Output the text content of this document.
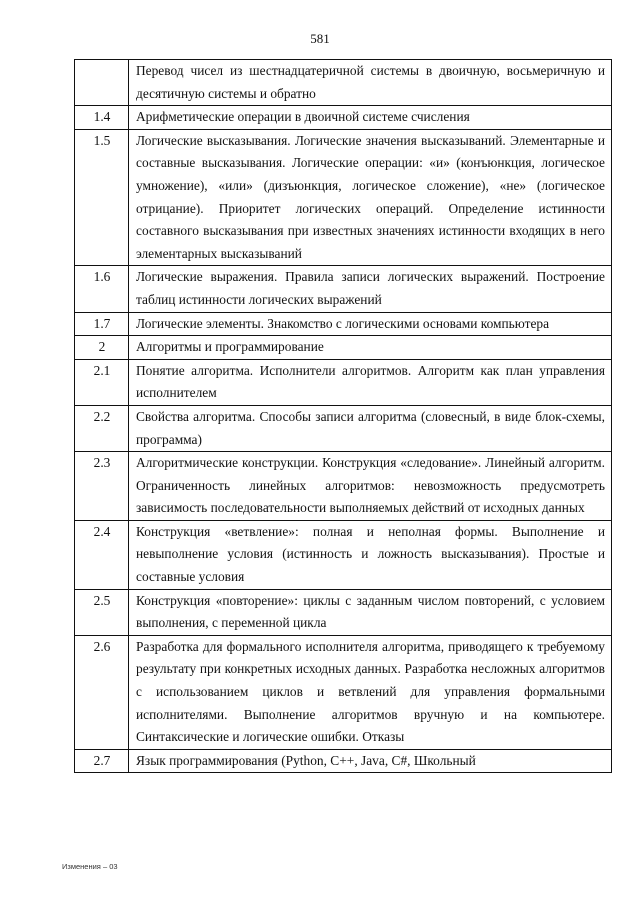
581
	Перевод чисел из шестнадцатеричной системы в двоичную, восьмеричную и десятичную системы и обратно
1.4	Арифметические операции в двоичной системе счисления
1.5	Логические высказывания. Логические значения высказываний. Элементарные и составные высказывания. Логические операции: «и» (конъюнкция, логическое умножение), «или» (дизъюнкция, логическое сложение), «не» (логическое отрицание). Приоритет логических операций. Определение истинности составного высказывания при известных значениях истинности входящих в него элементарных высказываний
1.6	Логические выражения. Правила записи логических выражений. Построение таблиц истинности логических выражений
1.7	Логические элементы. Знакомство с логическими основами компьютера
2	Алгоритмы и программирование
2.1	Понятие алгоритма. Исполнители алгоритмов. Алгоритм как план управления исполнителем
2.2	Свойства алгоритма. Способы записи алгоритма (словесный, в виде блок-схемы, программа)
2.3	Алгоритмические конструкции. Конструкция «следование». Линейный алгоритм. Ограниченность линейных алгоритмов: невозможность предусмотреть зависимость последовательности выполняемых действий от исходных данных
2.4	Конструкция «ветвление»: полная и неполная формы. Выполнение и невыполнение условия (истинность и ложность высказывания). Простые и составные условия
2.5	Конструкция «повторение»: циклы с заданным числом повторений, с условием выполнения, с переменной цикла
2.6	Разработка для формального исполнителя алгоритма, приводящего к требуемому результату при конкретных исходных данных. Разработка несложных алгоритмов с использованием циклов и ветвлений для управления формальными исполнителями. Выполнение алгоритмов вручную и на компьютере. Синтаксические и логические ошибки. Отказы
2.7	Язык программирования (Python, C++, Java, C#, Школьный
Изменения – 03
